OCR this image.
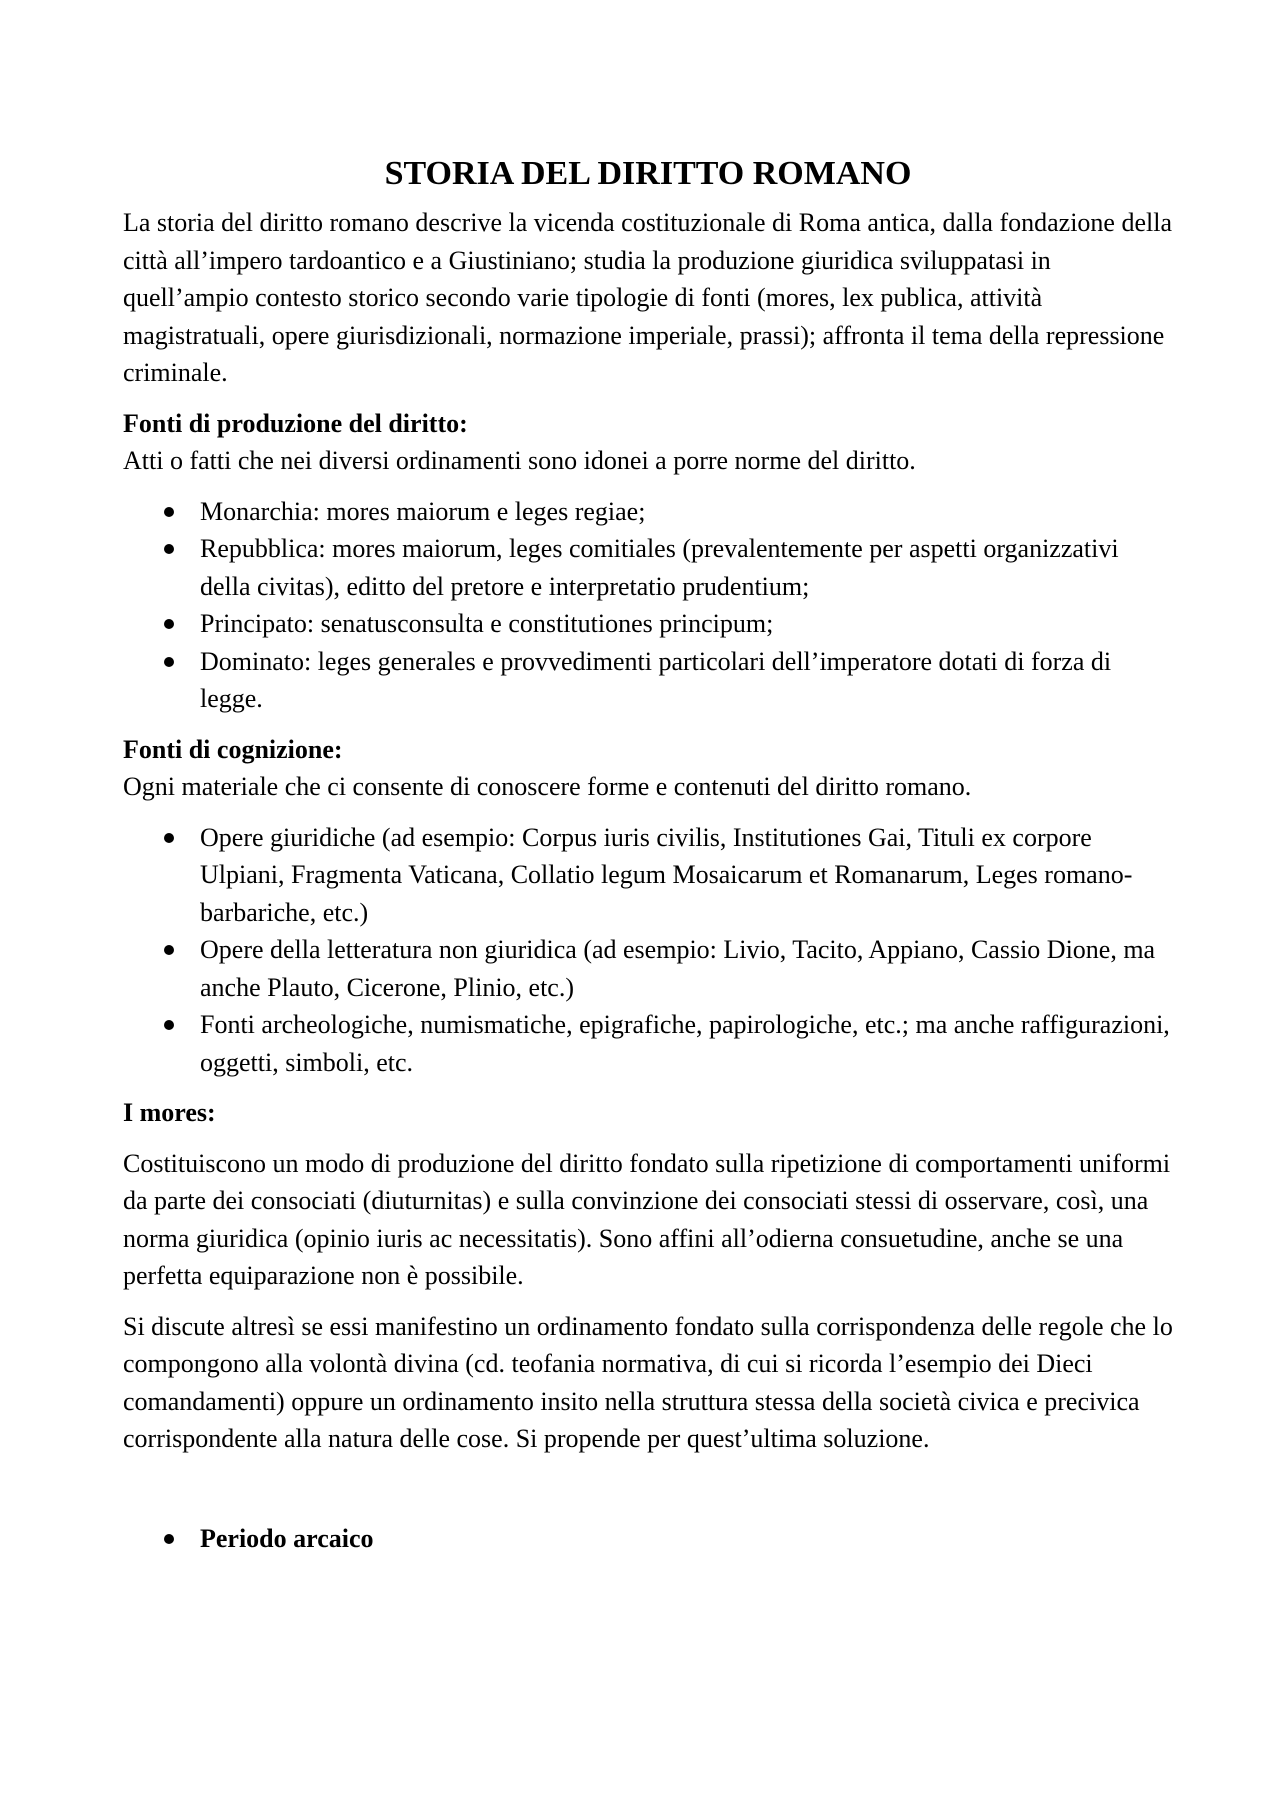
STORIA DEL DIRITTO ROMANO

La storia del diritto romano descrive la vicenda costituzionale di Roma antica, dalla fondazione della città all’impero tardoantico e a Giustiniano; studia la produzione giuridica sviluppatasi in quell’ampio contesto storico secondo varie tipologie di fonti (mores, lex publica, attività magistratuali, opere giurisdizionali, normazione imperiale, prassi); affronta il tema della repressione criminale.

Fonti di produzione del diritto:

Atti o fatti che nei diversi ordinamenti sono idonei a porre norme del diritto.

Monarchia: mores maiorum e leges regiae;
Repubblica: mores maiorum, leges comitiales (prevalentemente per aspetti organizzativi della civitas), editto del pretore e interpretatio prudentium;
Principato: senatusconsulta e constitutiones principum;
Dominato: leges generales e provvedimenti particolari dell’imperatore dotati di forza di legge.

Fonti di cognizione:

Ogni materiale che ci consente di conoscere forme e contenuti del diritto romano.

Opere giuridiche (ad esempio: Corpus iuris civilis, Institutiones Gai, Tituli ex corpore Ulpiani, Fragmenta Vaticana, Collatio legum Mosaicarum et Romanarum, Leges romano-barbariche, etc.)
Opere della letteratura non giuridica (ad esempio: Livio, Tacito, Appiano, Cassio Dione, ma anche Plauto, Cicerone, Plinio, etc.)
Fonti archeologiche, numismatiche, epigrafiche, papirologiche, etc.; ma anche raffigurazioni, oggetti, simboli, etc.

I mores:

Costituiscono un modo di produzione del diritto fondato sulla ripetizione di comportamenti uniformi da parte dei consociati (diuturnitas) e sulla convinzione dei consociati stessi di osservare, così, una norma giuridica (opinio iuris ac necessitatis). Sono affini all’odierna consuetudine, anche se una perfetta equiparazione non è possibile.

Si discute altresì se essi manifestino un ordinamento fondato sulla corrispondenza delle regole che lo compongono alla volontà divina (cd. teofania normativa, di cui si ricorda l’esempio dei Dieci comandamenti) oppure un ordinamento insito nella struttura stessa della società civica e precivica corrispondente alla natura delle cose. Si propende per quest’ultima soluzione.

Periodo arcaico
